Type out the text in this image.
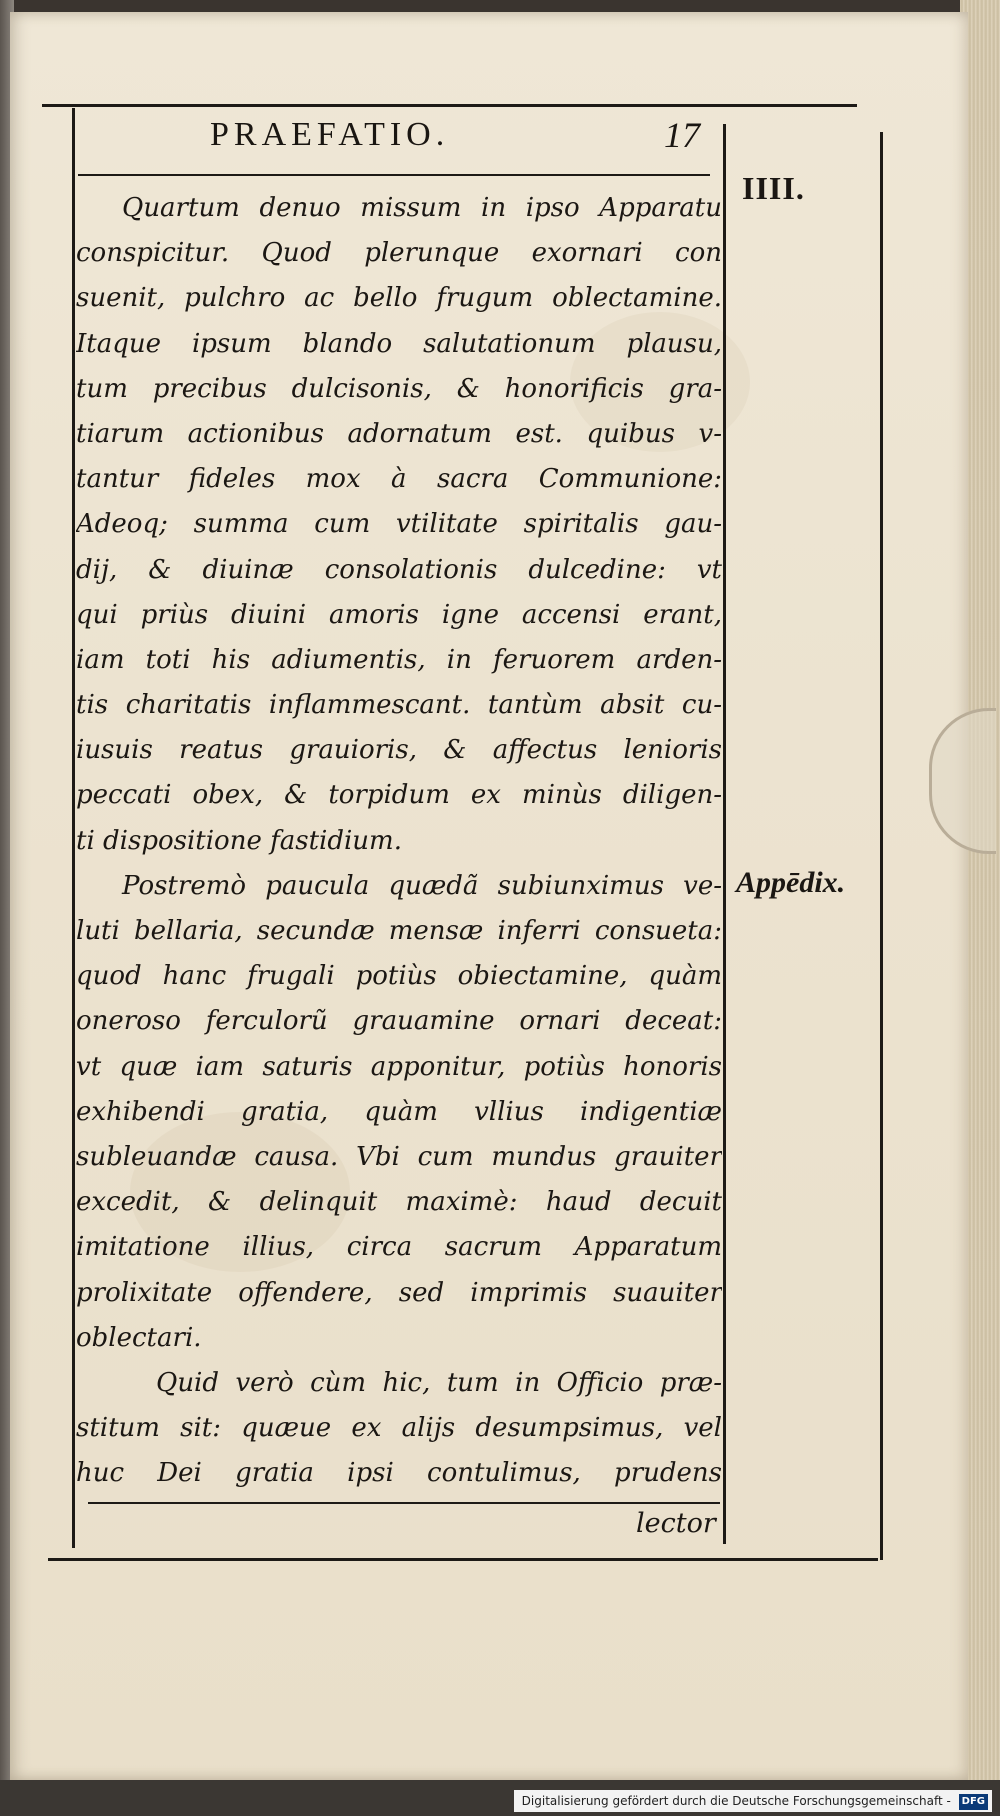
PRAEFATIO.	17
IIII.
Appēdix.
Quartum denuo missum in ipso Apparatu
conspicitur. Quod plerunque exornari con
suenit, pulchro ac bello frugum oblectamine.
Itaque ipsum blando salutationum plausu,
tum precibus dulcisonis, & honorificis gra-
tiarum actionibus adornatum est. quibus v-
tantur fideles mox à sacra Communione:
Adeoq; summa cum vtilitate spiritalis gau-
dij, & diuinæ consolationis dulcedine: vt
qui priùs diuini amoris igne accensi erant,
iam toti his adiumentis, in feruorem arden-
tis charitatis inflammescant. tantùm absit cu-
iusuis reatus grauioris, & affectus lenioris
peccati obex, & torpidum ex minùs diligen-
ti dispositione fastidium.
Postremò paucula quædã subiunximus ve-
luti bellaria, secundæ mensæ inferri consueta:
quod hanc frugali potiùs obiectamine, quàm
oneroso ferculorũ grauamine ornari deceat:
vt quæ iam saturis apponitur, potiùs honoris
exhibendi gratia, quàm vllius indigentiæ
subleuandæ causa. Vbi cum mundus grauiter
excedit, & delinquit maximè: haud decuit
imitatione illius, circa sacrum Apparatum
prolixitate offendere, sed imprimis suauiter
oblectari.
Quid verò cùm hic, tum in Officio præ-
stitum sit: quæue ex alijs desumpsimus, vel
huc Dei gratia ipsi contulimus, prudens
lector
Digitalisierung gefördert durch die Deutsche Forschungsgemeinschaft - DFG
